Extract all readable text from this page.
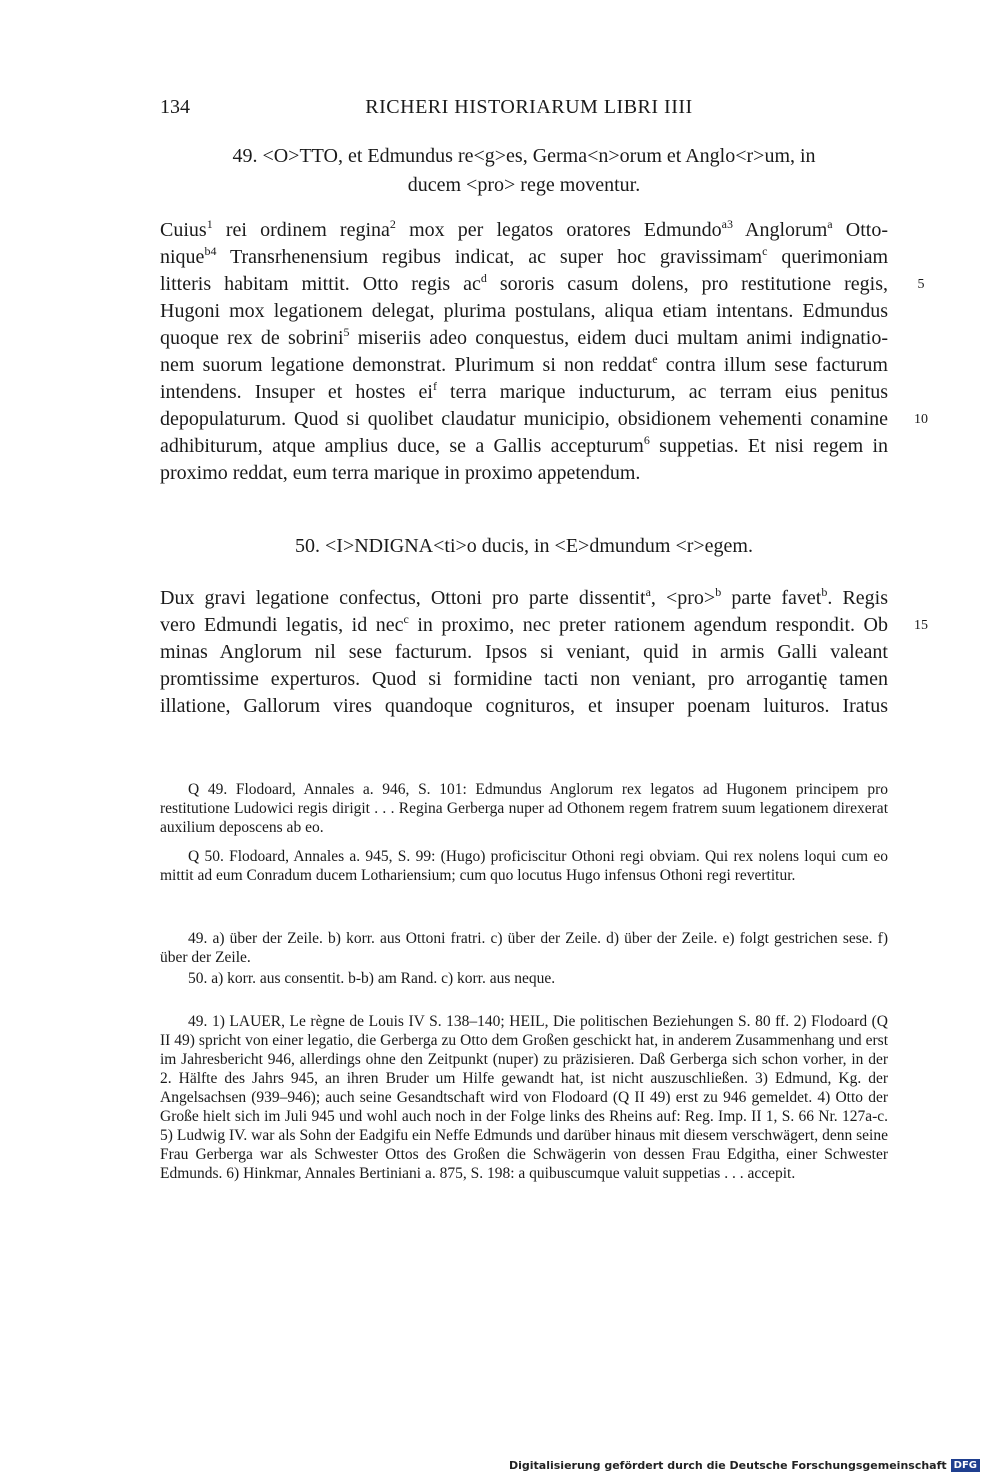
134	RICHERI HISTORIARUM LIBRI IIII
49. <O>TTO, et Edmundus re<g>es, Germa<n>orum et Anglo<r>um, in
ducem <pro> rege moventur.
Cuius$^1$ rei ordinem regina$^2$ mox per legatos oratores Edmundo$^{a3}$ Anglorum$^a$ Otto-
nique$^{b4}$ Transrhenensium regibus indicat, ac super hoc gravissimam$^c$ querimoniam
litteris habitam mittit. Otto regis $ac^d$ sororis casum dolens, pro restitutione regis,
Hugoni mox legationem delegat, plurima postulans, aliqua etiam intentans. Edmundus
quoque rex de sobrini$^5$ miseriis adeo conquestus, eidem duci multam animi indignatio-
nem suorum legatione demonstrat. Plurimum si non reddat$^e$ contra illum sese facturum
intendens. Insuper et hostes $ei^f$ terra marique inducturum, ac terram eius penitus
depopulaturum. Quod si quolibet claudatur municipio, obsidionem vehementi conamine
adhibiturum, atque amplius duce, se a Gallis accepturum$^6$ suppetias. Et nisi regem in
proximo reddat, eum terra marique in proximo appetendum.
5
10
50. <I>NDIGNA<ti>o ducis, in <E>dmundum <r>egem.
Dux gravi legatione confectus, Ottoni pro parte dissentit$^a$, <pro>$^b$ parte favet$^b$. Regis
vero Edmundi legatis, id nec$^c$ in proximo, nec preter rationem agendum respondit. Ob
minas Anglorum nil sese facturum. Ipsos si veniant, quid in armis Galli valeant
promtissime experturos. Quod si formidine tacti non veniant, pro arrogantię tamen
illatione, Gallorum vires quandoque cognituros, et insuper poenam luituros. Iratus
15
Q 49. Flodoard, Annales a. 946, S. 101: Edmundus Anglorum rex legatos ad Hugonem principem pro restitutione Ludowici regis dirigit . . . Regina Gerberga nuper ad Othonem regem fratrem suum legationem direxerat auxilium deposcens ab eo.
Q 50. Flodoard, Annales a. 945, S. 99: (Hugo) proficiscitur Othoni regi obviam. Qui rex nolens loqui cum eo mittit ad eum Conradum ducem Lothariensium; cum quo locutus Hugo infensus Othoni regi revertitur.
49. a) über der Zeile. b) korr. aus Ottoni fratri. c) über der Zeile. d) über der Zeile. e) folgt gestrichen sese. f) über der Zeile.
50. a) korr. aus consentit. b-b) am Rand. c) korr. aus neque.
49. 1) LAUER, Le règne de Louis IV S. 138–140; HEIL, Die politischen Beziehungen S. 80 ff. 2) Flodoard (Q II 49) spricht von einer legatio, die Gerberga zu Otto dem Großen geschickt hat, in anderem Zusammenhang und erst im Jahresbericht 946, allerdings ohne den Zeitpunkt (nuper) zu präzisieren. Daß Gerberga sich schon vorher, in der 2. Hälfte des Jahrs 945, an ihren Bruder um Hilfe gewandt hat, ist nicht auszuschließen. 3) Edmund, Kg. der Angelsachsen (939–946); auch seine Gesandtschaft wird von Flodoard (Q II 49) erst zu 946 gemeldet. 4) Otto der Große hielt sich im Juli 945 und wohl auch noch in der Folge links des Rheins auf: Reg. Imp. II 1, S. 66 Nr. 127a-c. 5) Ludwig IV. war als Sohn der Eadgifu ein Neffe Edmunds und darüber hinaus mit diesem verschwägert, denn seine Frau Gerberga war als Schwester Ottos des Großen die Schwägerin von dessen Frau Edgitha, einer Schwester Edmunds. 6) Hinkmar, Annales Bertiniani a. 875, S. 198: a quibuscumque valuit suppetias . . . accepit.
Digitalisierung gefördert durch die Deutsche Forschungsgemeinschaft DFG
